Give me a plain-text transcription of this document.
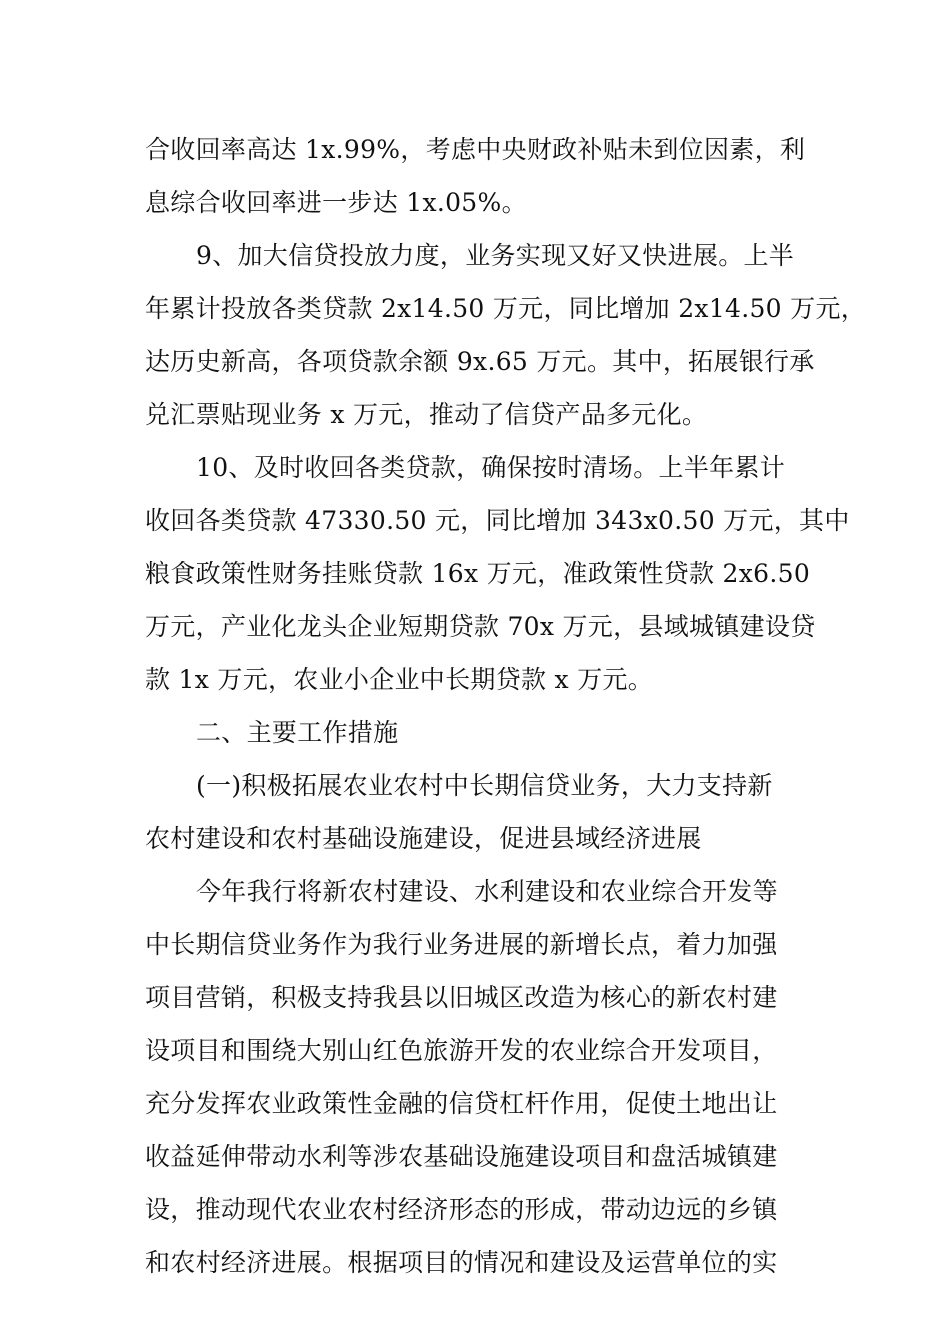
合收回率高达 1x.99%，考虑中央财政补贴未到位因素，利
息综合收回率进一步达 1x.05%。
9、加大信贷投放力度，业务实现又好又快进展。上半
年累计投放各类贷款 2x14.50 万元，同比增加 2x14.50 万元，
达历史新高，各项贷款余额 9x.65 万元。其中，拓展银行承
兑汇票贴现业务 x 万元，推动了信贷产品多元化。
10、及时收回各类贷款，确保按时清场。上半年累计
收回各类贷款 47330.50 元，同比增加 343x0.50 万元，其中
粮食政策性财务挂账贷款 16x 万元，准政策性贷款 2x6.50
万元，产业化龙头企业短期贷款 70x 万元，县域城镇建设贷
款 1x 万元，农业小企业中长期贷款 x 万元。
二、主要工作措施
(一)积极拓展农业农村中长期信贷业务，大力支持新
农村建设和农村基础设施建设，促进县域经济进展
今年我行将新农村建设、水利建设和农业综合开发等
中长期信贷业务作为我行业务进展的新增长点，着力加强
项目营销，积极支持我县以旧城区改造为核心的新农村建
设项目和围绕大别山红色旅游开发的农业综合开发项目，
充分发挥农业政策性金融的信贷杠杆作用，促使土地出让
收益延伸带动水利等涉农基础设施建设项目和盘活城镇建
设，推动现代农业农村经济形态的形成，带动边远的乡镇
和农村经济进展。根据项目的情况和建设及运营单位的实
